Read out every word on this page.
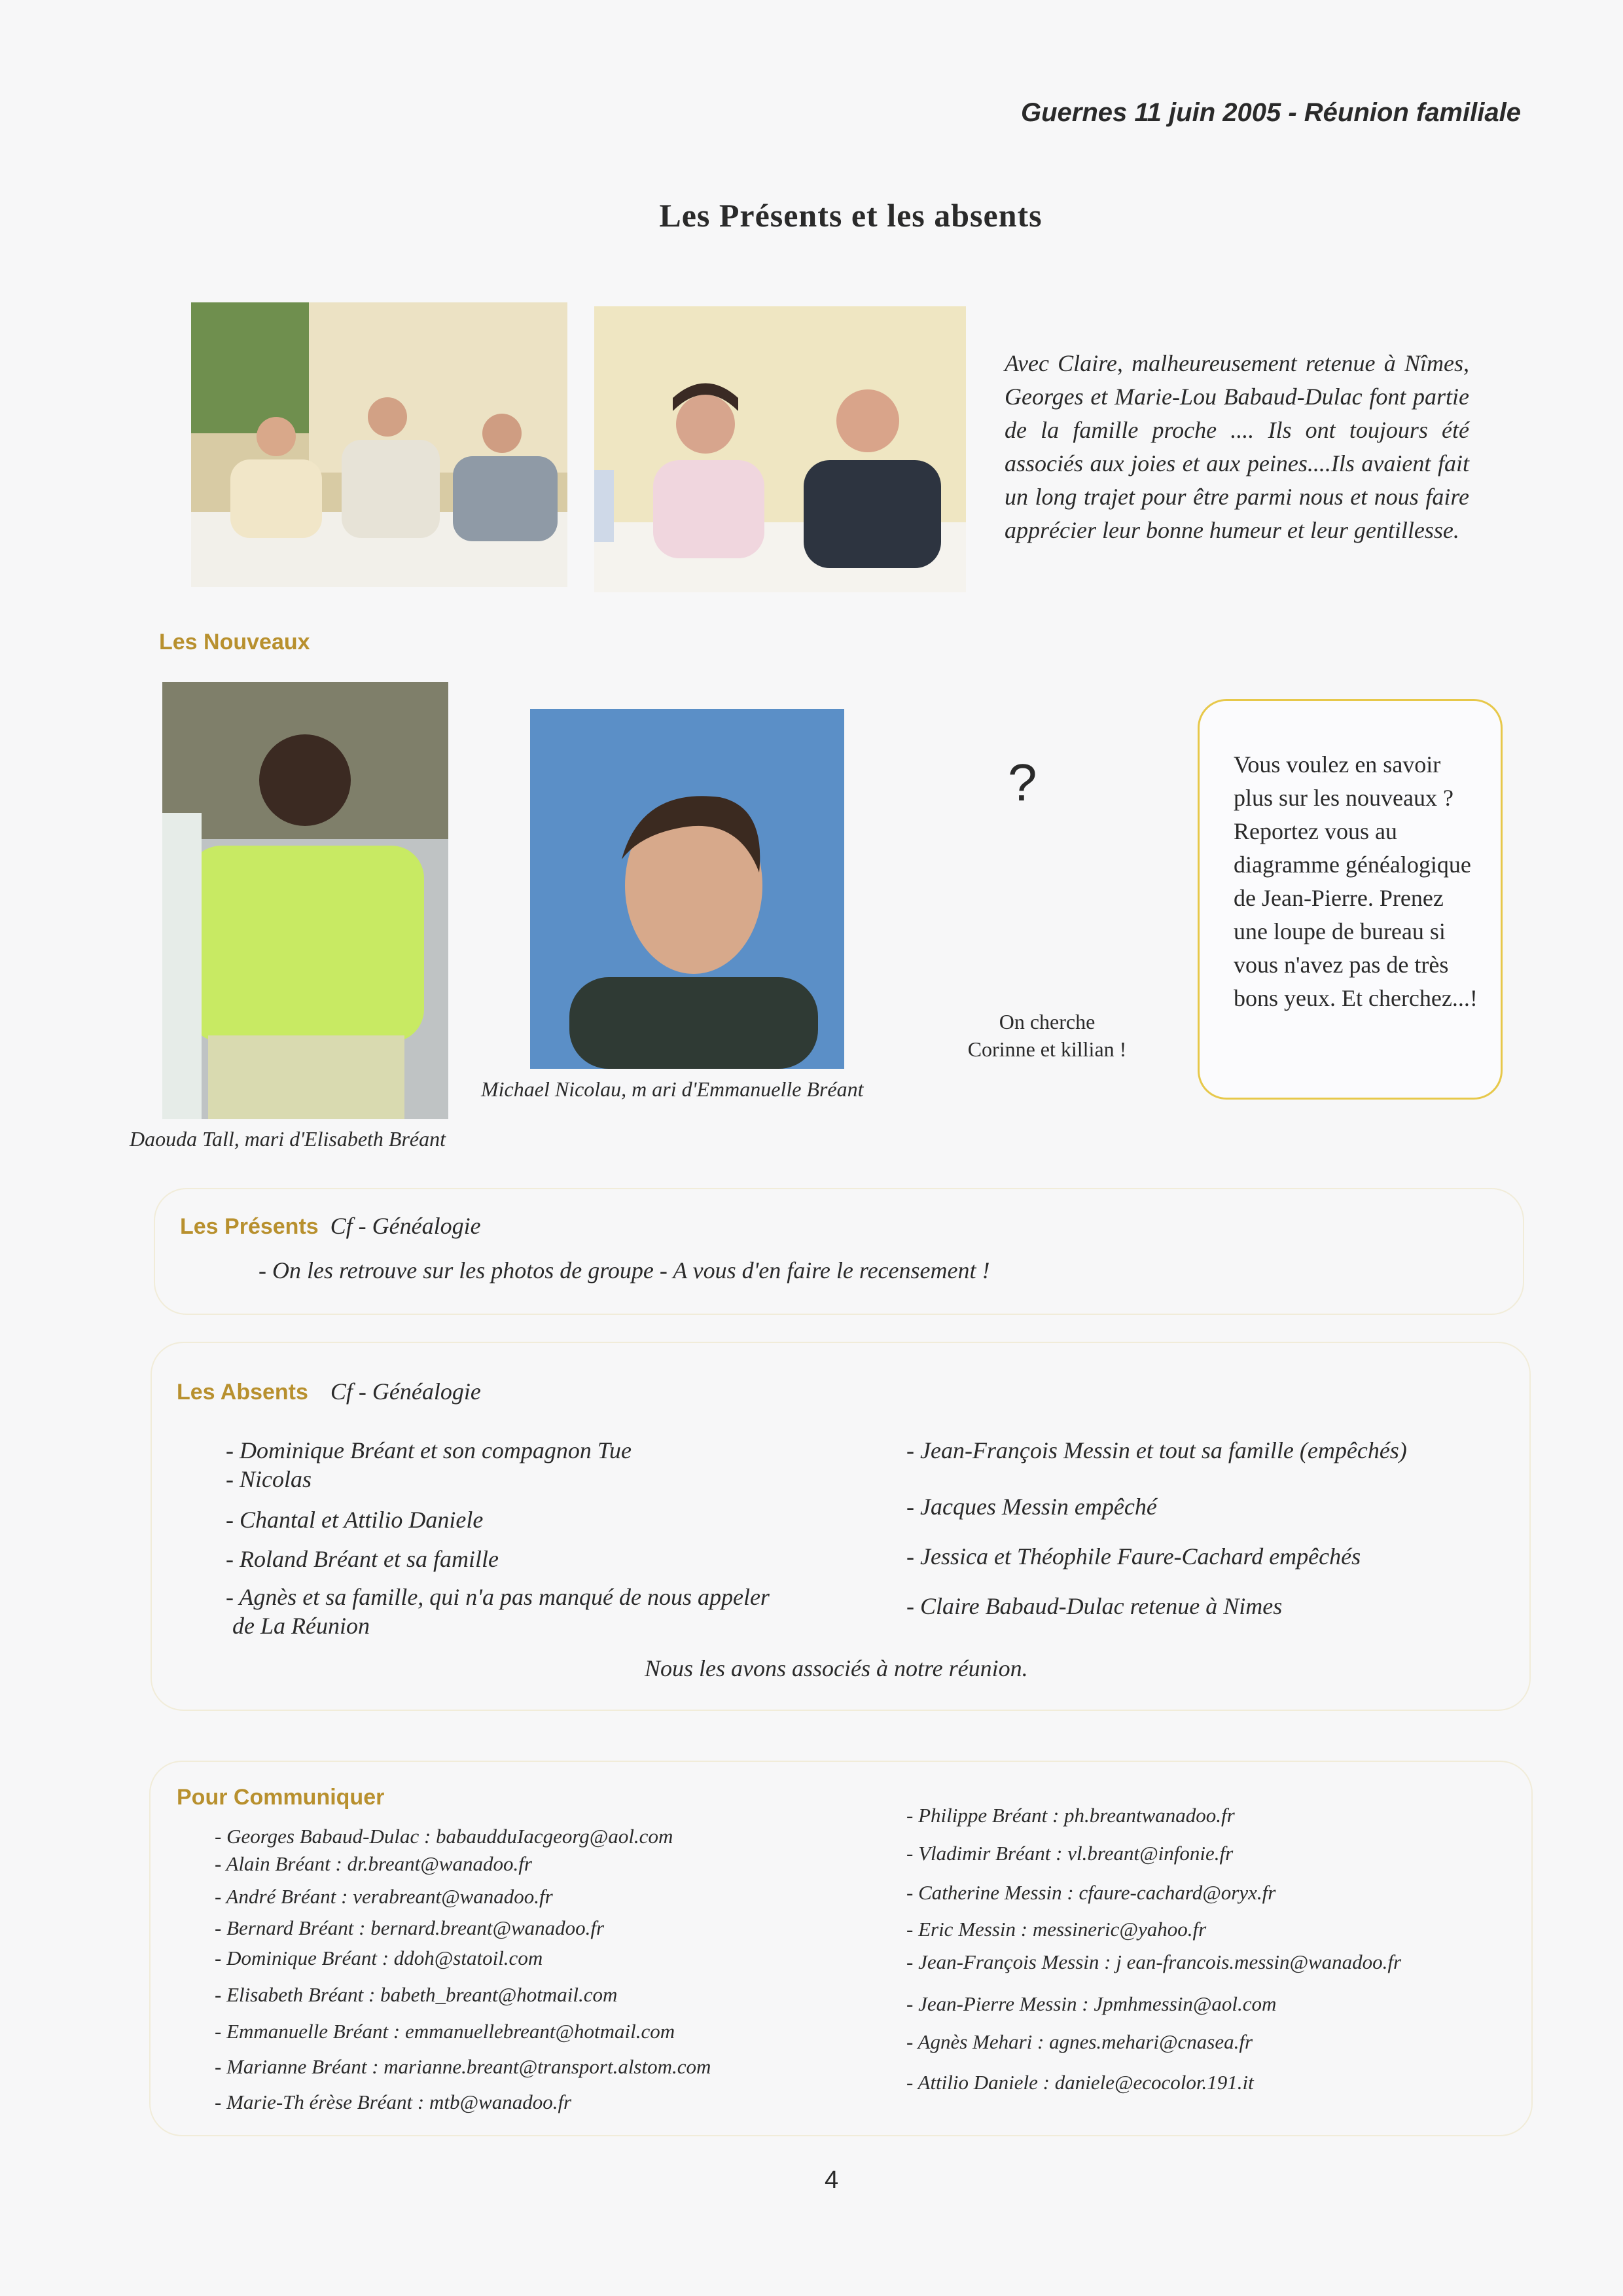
Guernes 11 juin 2005 - Réunion familiale
Les Présents et les absents
Avec Claire, malheureusement retenue à Nîmes, Georges et Marie-Lou Babaud-Dulac font partie de la famille proche .... Ils ont toujours été associés aux joies et aux peines....Ils avaient fait un long trajet pour être parmi nous et nous faire apprécier leur bonne humeur et leur gentillesse.
Les Nouveaux
Daouda Tall, mari d'Elisabeth Bréant
Michael Nicolau, m ari d'Emmanuelle Bréant
?
On cherche
Corinne et killian !
Vous voulez en savoir plus sur les nouveaux ? Reportez vous au diagramme généalogique de Jean-Pierre. Prenez une loupe de bureau si vous n'avez pas de très bons yeux. Et cherchez...!
Les Présents Cf - Généalogie
- On les retrouve sur les photos de groupe - A vous d'en faire le recensement !
Les Absents Cf - Généalogie
- Dominique Bréant et son compagnon Tue
- Nicolas
- Chantal et Attilio Daniele
- Roland Bréant et sa famille
- Agnès et sa famille, qui n'a pas manqué de nous appeler
de La Réunion
- Jean-François Messin et tout sa famille (empêchés)
- Jacques Messin empêché
- Jessica et Théophile Faure-Cachard empêchés
- Claire Babaud-Dulac retenue à Nimes
Nous les avons associés à notre réunion.
Pour Communiquer
- Georges Babaud-Dulac : babaudduIacgeorg@aol.com
- Alain Bréant : dr.breant@wanadoo.fr
- André Bréant : verabreant@wanadoo.fr
- Bernard Bréant : bernard.breant@wanadoo.fr
- Dominique Bréant : ddoh@statoil.com
- Elisabeth Bréant : babeth_breant@hotmail.com
- Emmanuelle Bréant : emmanuellebreant@hotmail.com
- Marianne Bréant : marianne.breant@transport.alstom.com
- Marie-Th érèse Bréant : mtb@wanadoo.fr
- Philippe Bréant : ph.breantwanadoo.fr
- Vladimir Bréant : vl.breant@infonie.fr
- Catherine Messin : cfaure-cachard@oryx.fr
- Eric Messin : messineric@yahoo.fr
- Jean-François Messin : j ean-francois.messin@wanadoo.fr
- Jean-Pierre Messin : Jpmhmessin@aol.com
- Agnès Mehari : agnes.mehari@cnasea.fr
- Attilio Daniele : daniele@ecocolor.191.it
4
